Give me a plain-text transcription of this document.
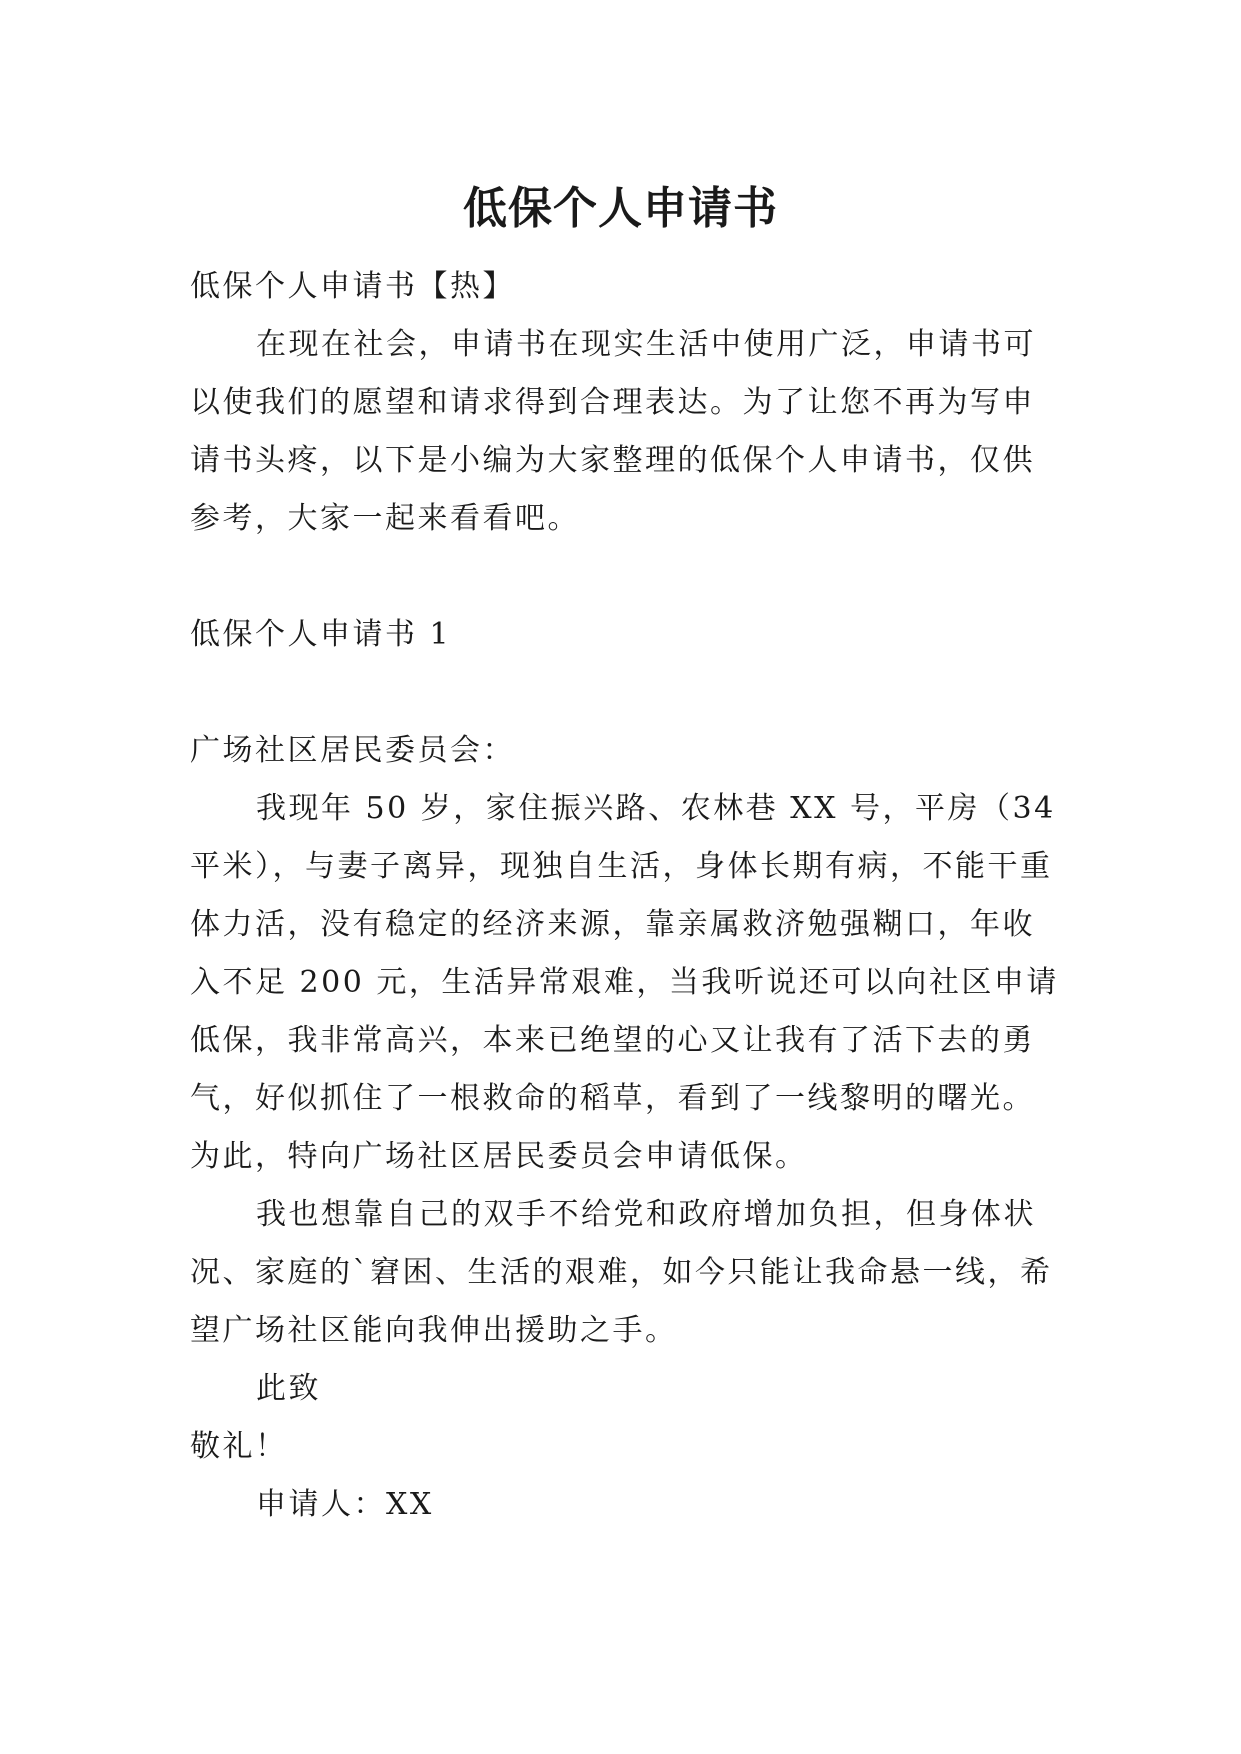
低保个人申请书

低保个人申请书【热】

在现在社会，申请书在现实生活中使用广泛，申请书可以使我们的愿望和请求得到合理表达。为了让您不再为写申请书头疼，以下是小编为大家整理的低保个人申请书，仅供参考，大家一起来看看吧。

低保个人申请书 1

广场社区居民委员会：

我现年 50 岁，家住振兴路、农林巷 XX 号，平房（34 平米），与妻子离异，现独自生活，身体长期有病，不能干重体力活，没有稳定的经济来源，靠亲属救济勉强糊口，年收入不足 200 元，生活异常艰难，当我听说还可以向社区申请低保，我非常高兴，本来已绝望的心又让我有了活下去的勇气，好似抓住了一根救命的稻草，看到了一线黎明的曙光。为此，特向广场社区居民委员会申请低保。

我也想靠自己的双手不给党和政府增加负担，但身体状况、家庭的`窘困、生活的艰难，如今只能让我命悬一线，希望广场社区能向我伸出援助之手。

此致

敬礼！

申请人：XX
